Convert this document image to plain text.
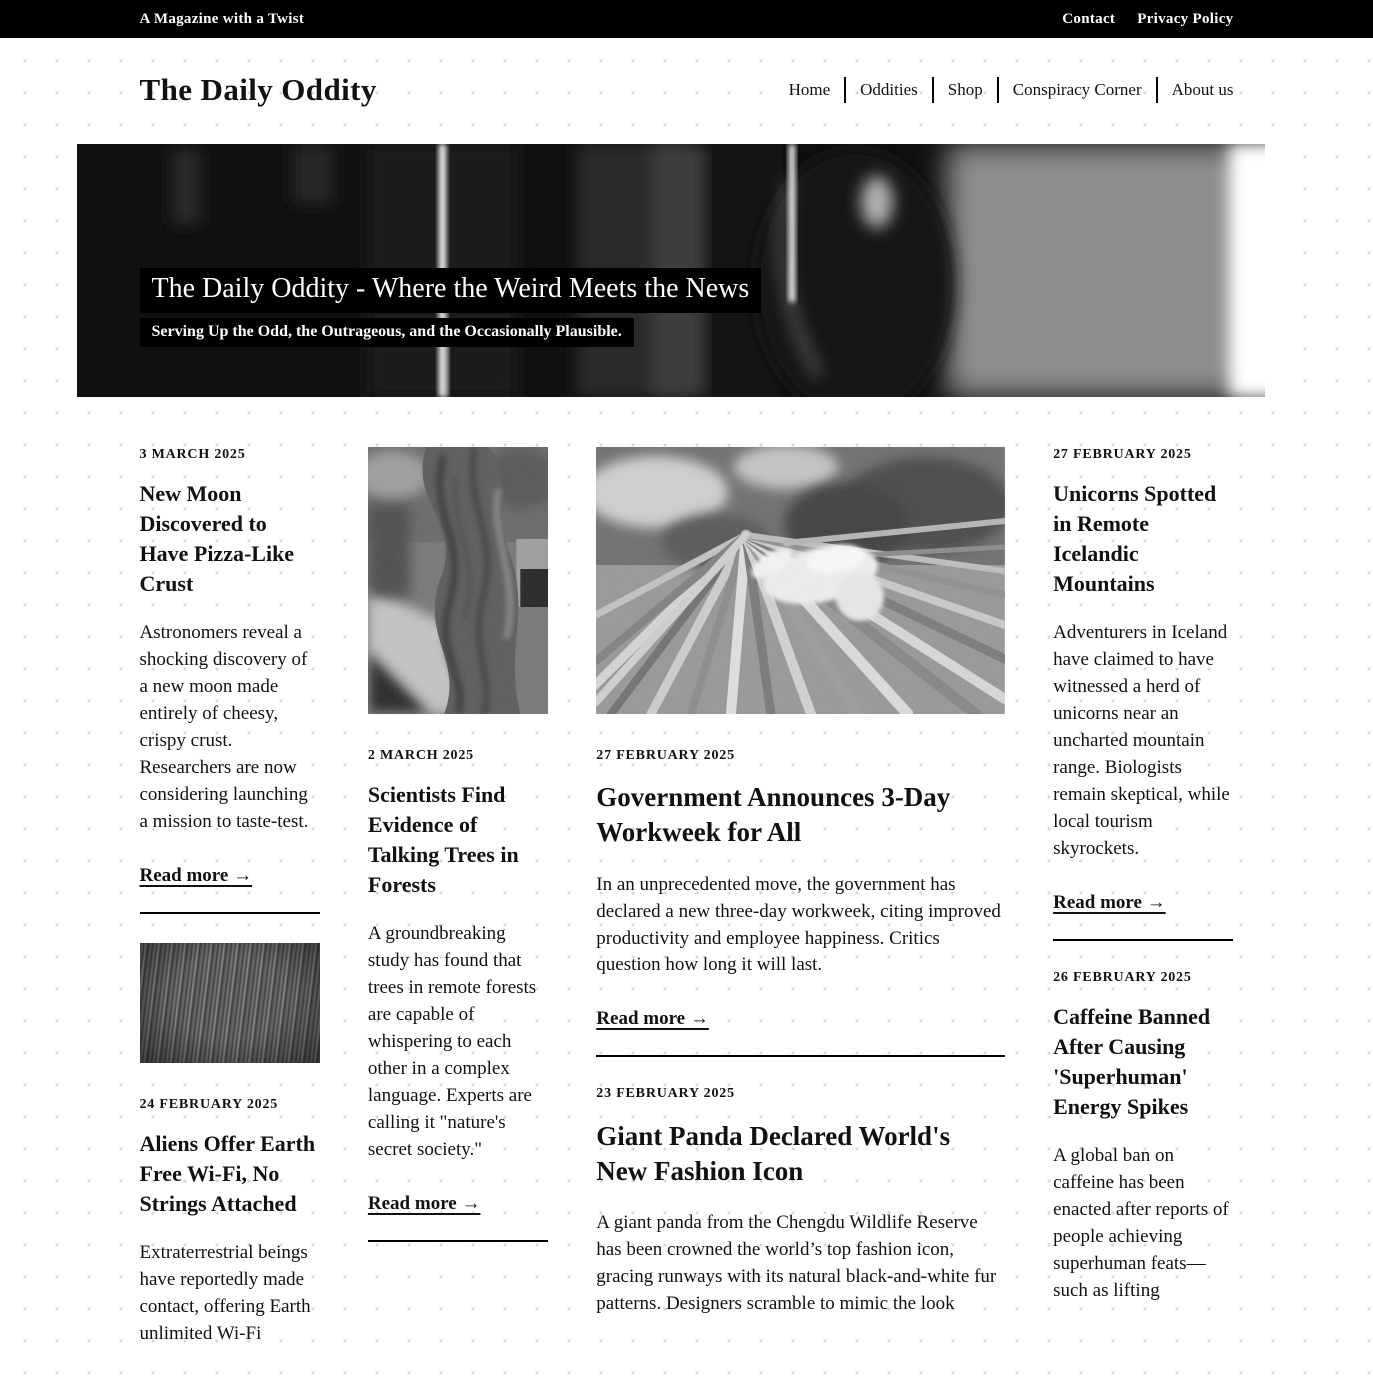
A Magazine with a Twist	Contact Privacy Policy
The Daily Oddity	Home	Oddities	Shop	Conspiracy Corner	About us
The Daily Oddity - Where the Weird Meets the News

Serving Up the Odd, the Outrageous, and the Occasionally Plausible.

3 MARCH 2025

New Moon Discovered to Have Pizza-Like Crust

Astronomers reveal a shocking discovery of a new moon made entirely of cheesy, crispy crust. Researchers are now considering launching a mission to taste-test.

Read more →

24 FEBRUARY 2025

Aliens Offer Earth Free Wi-Fi, No Strings Attached

Extraterrestrial beings have reportedly made contact, offering Earth unlimited Wi-Fi

2 MARCH 2025

Scientists Find Evidence of Talking Trees in Forests

A groundbreaking study has found that trees in remote forests are capable of whispering to each other in a complex language. Experts are calling it "nature's secret society."

Read more →

27 FEBRUARY 2025

Government Announces 3-Day Workweek for All

In an unprecedented move, the government has declared a new three-day workweek, citing improved productivity and employee happiness. Critics question how long it will last.

Read more →

23 FEBRUARY 2025

Giant Panda Declared World's New Fashion Icon

A giant panda from the Chengdu Wildlife Reserve has been crowned the world’s top fashion icon, gracing runways with its natural black-and-white fur patterns. Designers scramble to mimic the look

27 FEBRUARY 2025

Unicorns Spotted in Remote Icelandic Mountains

Adventurers in Iceland have claimed to have witnessed a herd of unicorns near an uncharted mountain range. Biologists remain skeptical, while local tourism skyrockets.

Read more →

26 FEBRUARY 2025

Caffeine Banned After Causing 'Superhuman' Energy Spikes

A global ban on caffeine has been enacted after reports of people achieving superhuman feats—such as lifting
